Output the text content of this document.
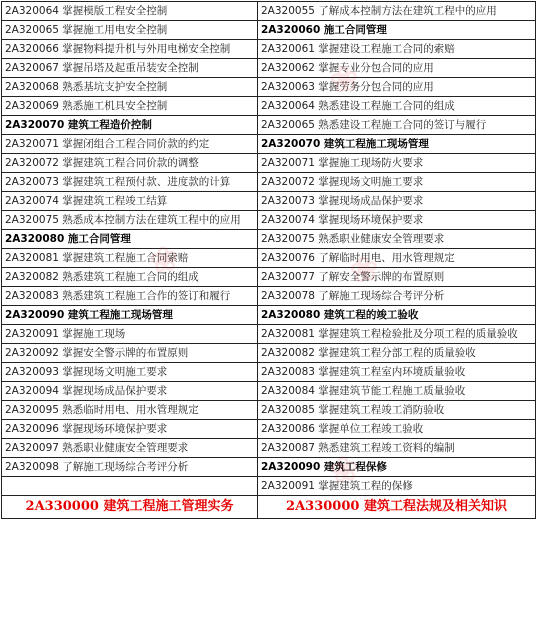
2A320064 掌握模版工程安全控制	2A320055 了解成本控制方法在建筑工程中的应用
2A320065 掌握施工用电安全控制	2A320060 施工合同管理
2A320066 掌握物料提升机与外用电梯安全控制	2A320061 掌握建设工程施工合同的索赔
2A320067 掌握吊塔及起重吊装安全控制	2A320062 掌握专业分包合同的应用
2A320068 熟悉基坑支护安全控制	2A320063 掌握劳务分包合同的应用
2A320069 熟悉施工机具安全控制	2A320064 熟悉建设工程施工合同的组成
2A320070 建筑工程造价控制	2A320065 熟悉建设工程施工合同的签订与履行
2A320071 掌握闭组合工程合同价款的约定	2A320070 建筑工程施工现场管理
2A320072 掌握建筑工程合同价款的调整	2A320071 掌握施工现场防火要求
2A320073 掌握建筑工程预付款、进度款的计算	2A320072 掌握现场文明施工要求
2A320074 掌握建筑工程竣工结算	2A320073 掌握现场成品保护要求
2A320075 熟悉成本控制方法在建筑工程中的应用	2A320074 掌握现场环境保护要求
2A320080 施工合同管理	2A320075 熟悉职业健康安全管理要求
2A320081 掌握建筑工程施工合同索赔	2A320076 了解临时用电、用水管理规定
2A320082 熟悉建筑工程施工合同的组成	2A320077 了解安全警示牌的布置原则
2A320083 熟悉建筑工程施工合作的签订和履行	2A320078 了解施工现场综合考评分析
2A320090 建筑工程施工现场管理	2A320080 建筑工程的竣工验收
2A320091 掌握施工现场	2A320081 掌握建筑工程检验批及分项工程的质量验收
2A320092 掌握安全警示牌的布置原则	2A320082 掌握建筑工程分部工程的质量验收
2A320093 掌握现场文明施工要求	2A320083 掌握建筑工程室内环境质量验收
2A320094 掌握现场成品保护要求	2A320084 掌握建筑节能工程施工质量验收
2A320095 熟悉临时用电、用水管理规定	2A320085 掌握建筑工程竣工消防验收
2A320096 掌握现场环境保护要求	2A320086 掌握单位工程竣工验收
2A320097 熟悉职业健康安全管理要求	2A320087 熟悉建筑工程竣工资料的编制
2A320098 了解施工现场综合考评分析	2A320090 建筑工程保修
	2A320091 掌握建筑工程的保修
2A330000 建筑工程施工管理实务	2A330000 建筑工程法规及相关知识
❀
❀	❀
❀
